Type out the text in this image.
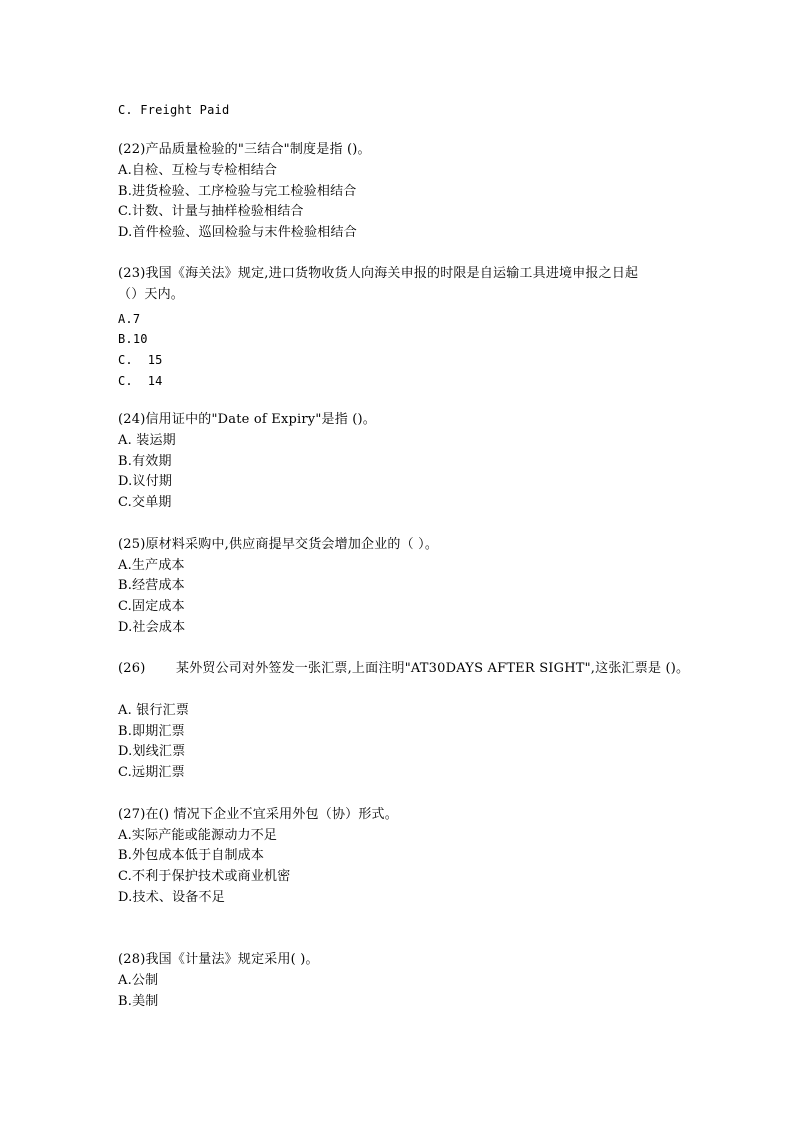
C. Freight Paid
(22)产品质量检验的"三结合"制度是指 ()。
A.自检、互检与专检相结合
B.进货检验、工序检验与完工检验相结合
C.计数、计量与抽样检验相结合
D.首件检验、巡回检验与末件检验相结合
(23)我国《海关法》规定,进口货物收货人向海关申报的时限是自运输工具进境申报之日起
（）天内。
A.7
B.10
C.  15
C.  14
(24)信用证中的"Date of Expiry"是指 ()。
A. 装运期
B.有效期
D.议付期
C.交单期
(25)原材料采购中,供应商提早交货会增加企业的（ ）。
A.生产成本
B.经营成本
C.固定成本
D.社会成本
(26) 某外贸公司对外签发一张汇票,上面注明"AT30DAYS AFTER SIGHT",这张汇票是 ()。
A. 银行汇票
B.即期汇票
D.划线汇票
C.远期汇票
(27)在() 情况下企业不宜采用外包（协）形式。
A.实际产能或能源动力不足
B.外包成本低于自制成本
C.不利于保护技术或商业机密
D.技术、设备不足
(28)我国《计量法》规定采用( )。
A.公制
B.美制
